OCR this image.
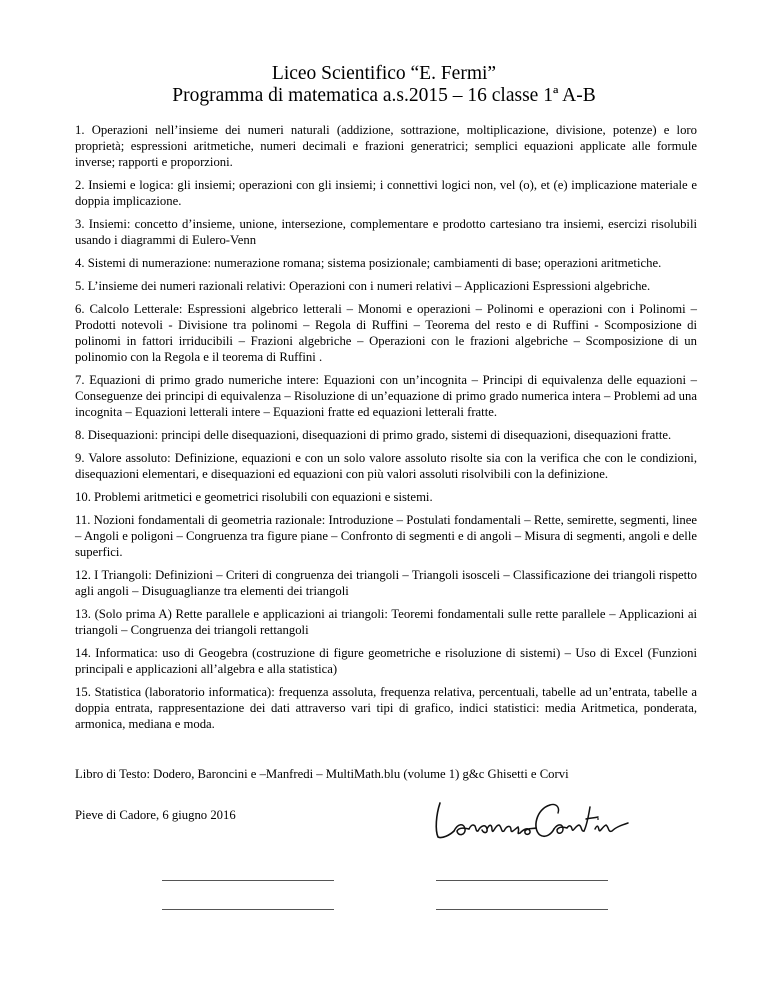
Liceo Scientifico “E. Fermi”
Programma di matematica a.s.2015 – 16 classe 1ª A-B

1. Operazioni nell’insieme dei numeri naturali (addizione, sottrazione, moltiplicazione, divisione, potenze) e loro proprietà; espressioni aritmetiche, numeri decimali e frazioni generatrici; semplici equazioni applicate alle formule inverse; rapporti e proporzioni.

2. Insiemi e logica: gli insiemi; operazioni con gli insiemi; i connettivi logici non, vel (o), et (e) implicazione materiale e doppia implicazione.

3. Insiemi: concetto d’insieme, unione, intersezione, complementare e prodotto cartesiano tra insiemi, esercizi risolubili usando i diagrammi di Eulero-Venn

4. Sistemi di numerazione: numerazione romana; sistema posizionale; cambiamenti di base; operazioni aritmetiche.

5. L’insieme dei numeri razionali relativi: Operazioni con i numeri relativi – Applicazioni Espressioni algebriche.

6. Calcolo Letterale: Espressioni algebrico letterali – Monomi e operazioni – Polinomi e operazioni con i Polinomi – Prodotti notevoli - Divisione tra polinomi – Regola di Ruffini – Teorema del resto e di Ruffini - Scomposizione di polinomi in fattori irriducibili – Frazioni algebriche – Operazioni con le frazioni algebriche – Scomposizione di un polinomio con la Regola e il teorema di Ruffini .

7. Equazioni di primo grado numeriche intere: Equazioni con un’incognita – Principi di equivalenza delle equazioni – Conseguenze dei principi di equivalenza – Risoluzione di un’equazione di primo grado numerica intera – Problemi ad una incognita – Equazioni letterali intere – Equazioni fratte ed equazioni letterali fratte.

8. Disequazioni: principi delle disequazioni, disequazioni di primo grado, sistemi di disequazioni, disequazioni fratte.

9. Valore assoluto: Definizione, equazioni e con un solo valore assoluto risolte sia con la verifica che con le condizioni, disequazioni elementari, e disequazioni ed equazioni con più valori assoluti risolvibili con la definizione.

10. Problemi aritmetici e geometrici risolubili con equazioni e sistemi.

11. Nozioni fondamentali di geometria razionale: Introduzione – Postulati fondamentali – Rette, semirette, segmenti, linee – Angoli e poligoni – Congruenza tra figure piane – Confronto di segmenti e di angoli – Misura di segmenti, angoli e delle superfici.

12. I Triangoli: Definizioni – Criteri di congruenza dei triangoli – Triangoli isosceli – Classificazione dei triangoli rispetto agli angoli – Disuguaglianze tra elementi dei triangoli

13. (Solo prima A) Rette parallele e applicazioni ai triangoli: Teoremi fondamentali sulle rette parallele – Applicazioni ai triangoli – Congruenza dei triangoli rettangoli

14. Informatica: uso di Geogebra (costruzione di figure geometriche e risoluzione di sistemi) – Uso di Excel (Funzioni principali e applicazioni all’algebra e alla statistica)

15. Statistica (laboratorio informatica): frequenza assoluta, frequenza relativa, percentuali, tabelle ad un’entrata, tabelle a doppia entrata, rappresentazione dei dati attraverso vari tipi di grafico, indici statistici: media Aritmetica, ponderata, armonica, mediana e moda.

Libro di Testo: Dodero, Baroncini e –Manfredi – MultiMath.blu (volume 1) g&c Ghisetti e Corvi
Pieve di Cadore, 6 giugno 2016
